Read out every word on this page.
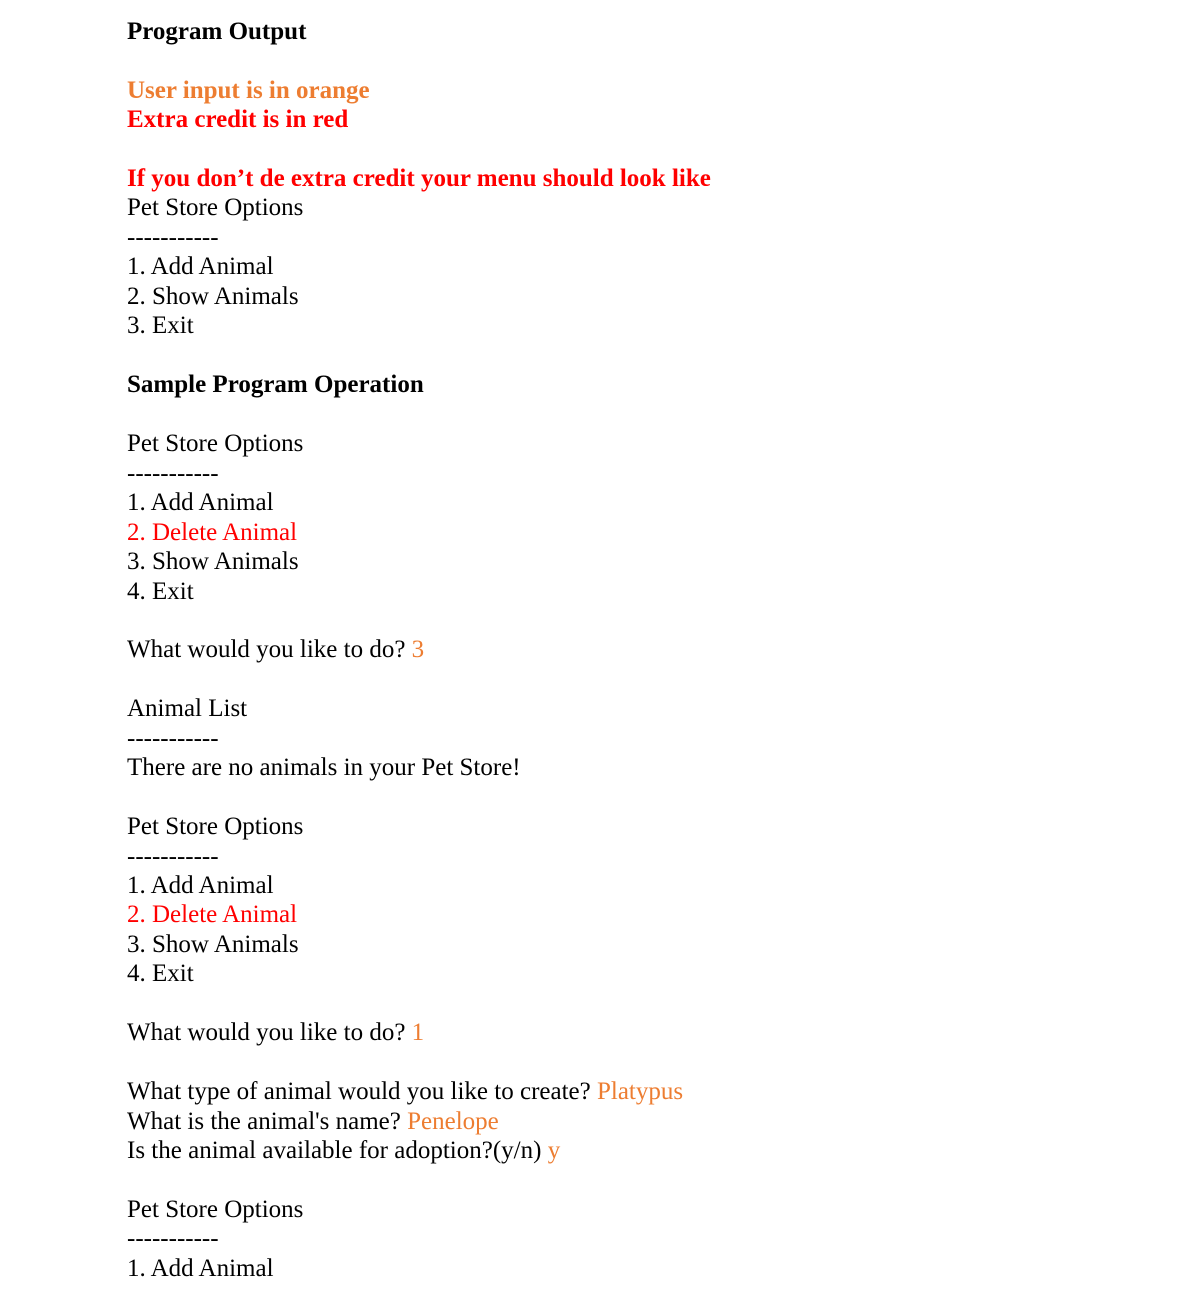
Program Output
User input is in orange
Extra credit is in red
If you don’t de extra credit your menu should look like
Pet Store Options
-----------
1. Add Animal
2. Show Animals
3. Exit
Sample Program Operation
Pet Store Options
-----------
1. Add Animal
2. Delete Animal
3. Show Animals
4. Exit
What would you like to do? 3
Animal List
-----------
There are no animals in your Pet Store!
Pet Store Options
-----------
1. Add Animal
2. Delete Animal
3. Show Animals
4. Exit
What would you like to do? 1
What type of animal would you like to create? Platypus
What is the animal's name? Penelope
Is the animal available for adoption?(y/n) y
Pet Store Options
-----------
1. Add Animal
